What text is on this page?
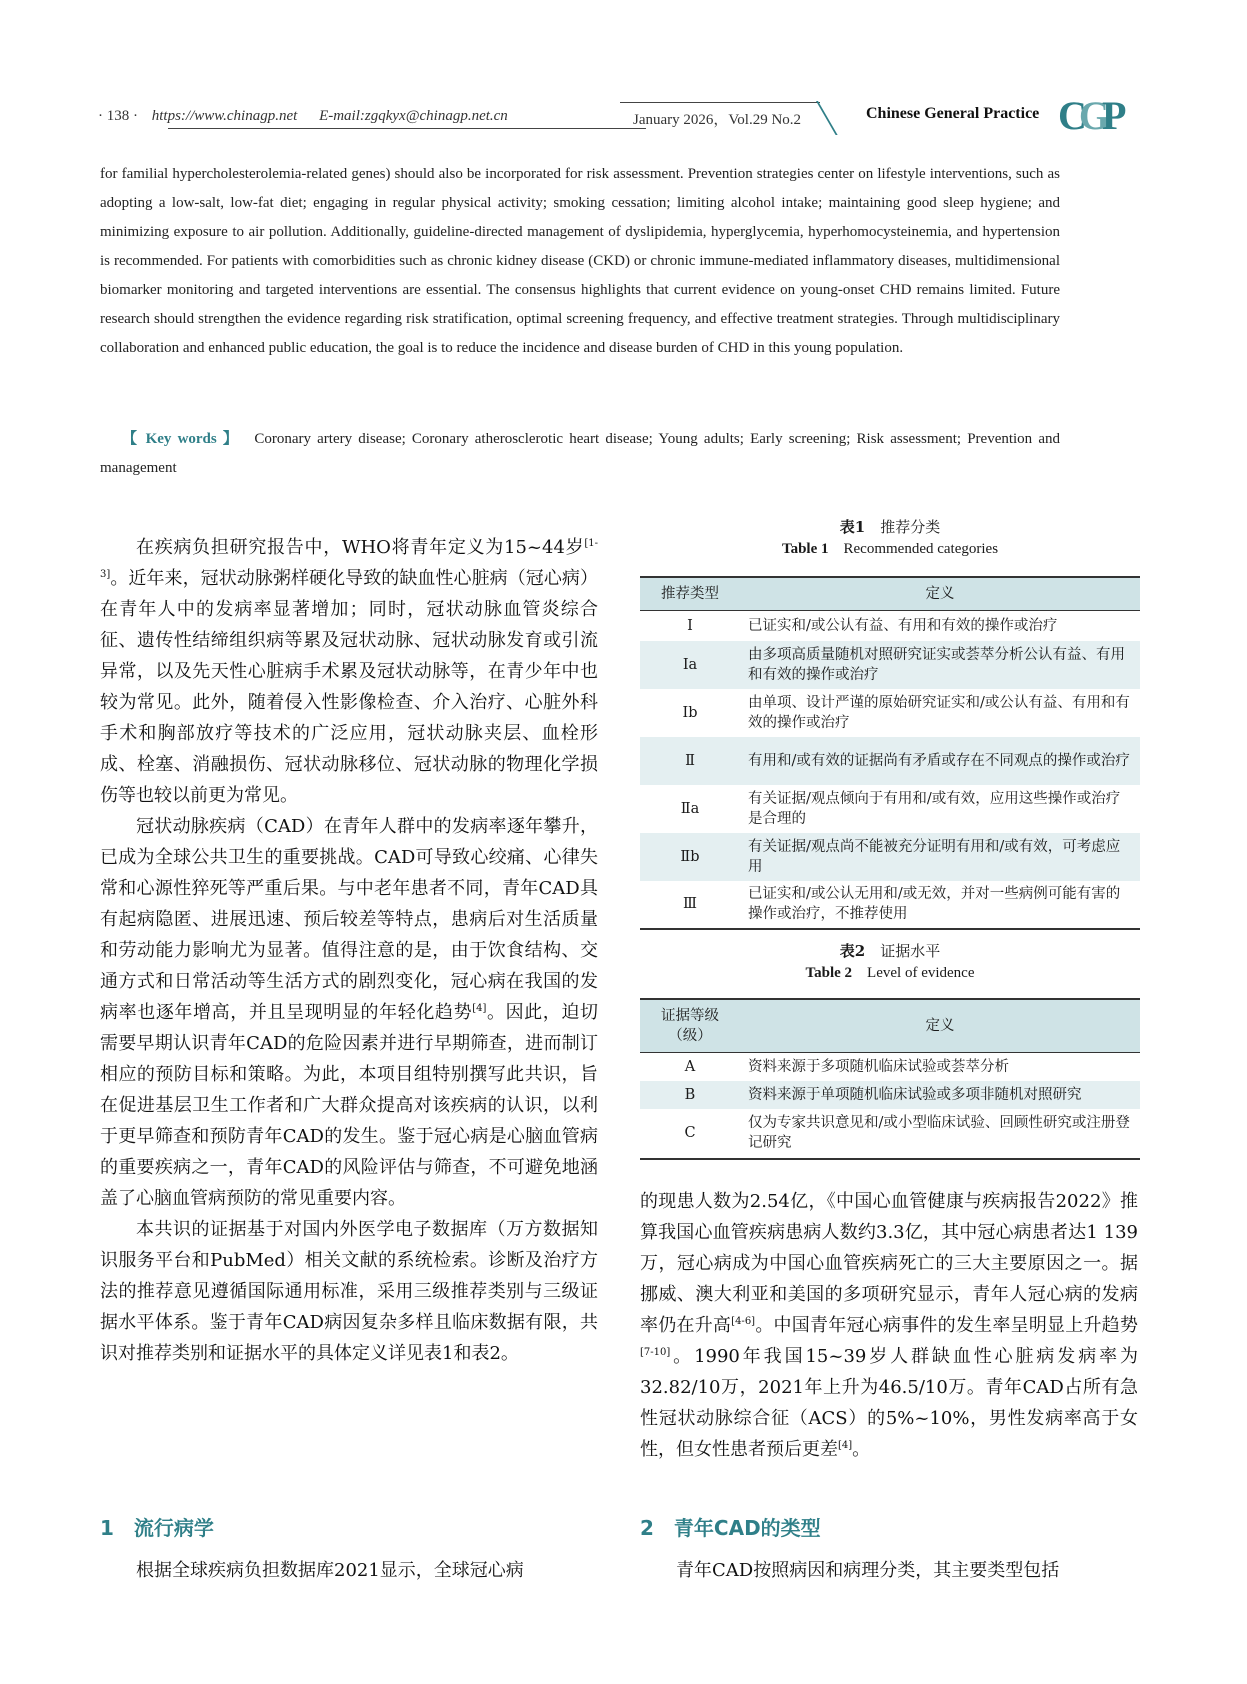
· 138 · https://www.chinagp.net E-mail:zgqkyx@chinagp.net.cn	January 2026，Vol.29 No.2	Chinese General Practice CGP
for familial hypercholesterolemia-related genes) should also be incorporated for risk assessment. Prevention strategies center on lifestyle interventions, such as adopting a low-salt, low-fat diet; engaging in regular physical activity; smoking cessation; limiting alcohol intake; maintaining good sleep hygiene; and minimizing exposure to air pollution. Additionally, guideline-directed management of dyslipidemia, hyperglycemia, hyperhomocysteinemia, and hypertension is recommended. For patients with comorbidities such as chronic kidney disease (CKD) or chronic immune-mediated inflammatory diseases, multidimensional biomarker monitoring and targeted interventions are essential. The consensus highlights that current evidence on young-onset CHD remains limited. Future research should strengthen the evidence regarding risk stratification, optimal screening frequency, and effective treatment strategies. Through multidisciplinary collaboration and enhanced public education, the goal is to reduce the incidence and disease burden of CHD in this young population.
【 Key words 】 Coronary artery disease; Coronary atherosclerotic heart disease; Young adults; Early screening; Risk assessment; Prevention and management

在疾病负担研究报告中，WHO将青年定义为15~44岁[1-3]。近年来，冠状动脉粥样硬化导致的缺血性心脏病（冠心病）在青年人中的发病率显著增加；同时，冠状动脉血管炎综合征、遗传性结缔组织病等累及冠状动脉、冠状动脉发育或引流异常，以及先天性心脏病手术累及冠状动脉等，在青少年中也较为常见。此外，随着侵入性影像检查、介入治疗、心脏外科手术和胸部放疗等技术的广泛应用，冠状动脉夹层、血栓形成、栓塞、消融损伤、冠状动脉移位、冠状动脉的物理化学损伤等也较以前更为常见。

冠状动脉疾病（CAD）在青年人群中的发病率逐年攀升，已成为全球公共卫生的重要挑战。CAD可导致心绞痛、心律失常和心源性猝死等严重后果。与中老年患者不同，青年CAD具有起病隐匿、进展迅速、预后较差等特点，患病后对生活质量和劳动能力影响尤为显著。值得注意的是，由于饮食结构、交通方式和日常活动等生活方式的剧烈变化，冠心病在我国的发病率也逐年增高，并且呈现明显的年轻化趋势[4]。因此，迫切需要早期认识青年CAD的危险因素并进行早期筛查，进而制订相应的预防目标和策略。为此，本项目组特别撰写此共识，旨在促进基层卫生工作者和广大群众提高对该疾病的认识，以利于更早筛查和预防青年CAD的发生。鉴于冠心病是心脑血管病的重要疾病之一，青年CAD的风险评估与筛查，不可避免地涵盖了心脑血管病预防的常见重要内容。

本共识的证据基于对国内外医学电子数据库（万方数据知识服务平台和PubMed）相关文献的系统检索。诊断及治疗方法的推荐意见遵循国际通用标准，采用三级推荐类别与三级证据水平体系。鉴于青年CAD病因复杂多样且临床数据有限，共识对推荐类别和证据水平的具体定义详见表1和表2。

1　流行病学
根据全球疾病负担数据库2021显示，全球冠心病
表1　 推荐分类
Table 1　 Recommended categories
推荐类型	定义
Ⅰ	已证实和/或公认有益、有用和有效的操作或治疗
Ⅰa	由多项高质量随机对照研究证实或荟萃分析公认有益、有用和有效的操作或治疗
Ⅰb	由单项、设计严谨的原始研究证实和/或公认有益、有用和有效的操作或治疗
Ⅱ	有用和/或有效的证据尚有矛盾或存在不同观点的操作或治疗
Ⅱa	有关证据/观点倾向于有用和/或有效，应用这些操作或治疗是合理的
Ⅱb	有关证据/观点尚不能被充分证明有用和/或有效，可考虑应用
Ⅲ	已证实和/或公认无用和/或无效，并对一些病例可能有害的操作或治疗，不推荐使用
表2　 证据水平
Table 2　 Level of evidence
证据等级（级）	定义
A	资料来源于多项随机临床试验或荟萃分析
B	资料来源于单项随机临床试验或多项非随机对照研究
C	仅为专家共识意见和/或小型临床试验、回顾性研究或注册登记研究

的现患人数为2.54亿，《中国心血管健康与疾病报告2022》推算我国心血管疾病患病人数约3.3亿，其中冠心病患者达1 139万，冠心病成为中国心血管疾病死亡的三大主要原因之一。据挪威、澳大利亚和美国的多项研究显示，青年人冠心病的发病率仍在升高[4-6]。中国青年冠心病事件的发生率呈明显上升趋势[7-10]。1990年我国15~39岁人群缺血性心脏病发病率为32.82/10万，2021年上升为46.5/10万。青年CAD占所有急性冠状动脉综合征（ACS）的5%~10%，男性发病率高于女性，但女性患者预后更差[4]。

2　青年CAD的类型
青年CAD按照病因和病理分类，其主要类型包括
